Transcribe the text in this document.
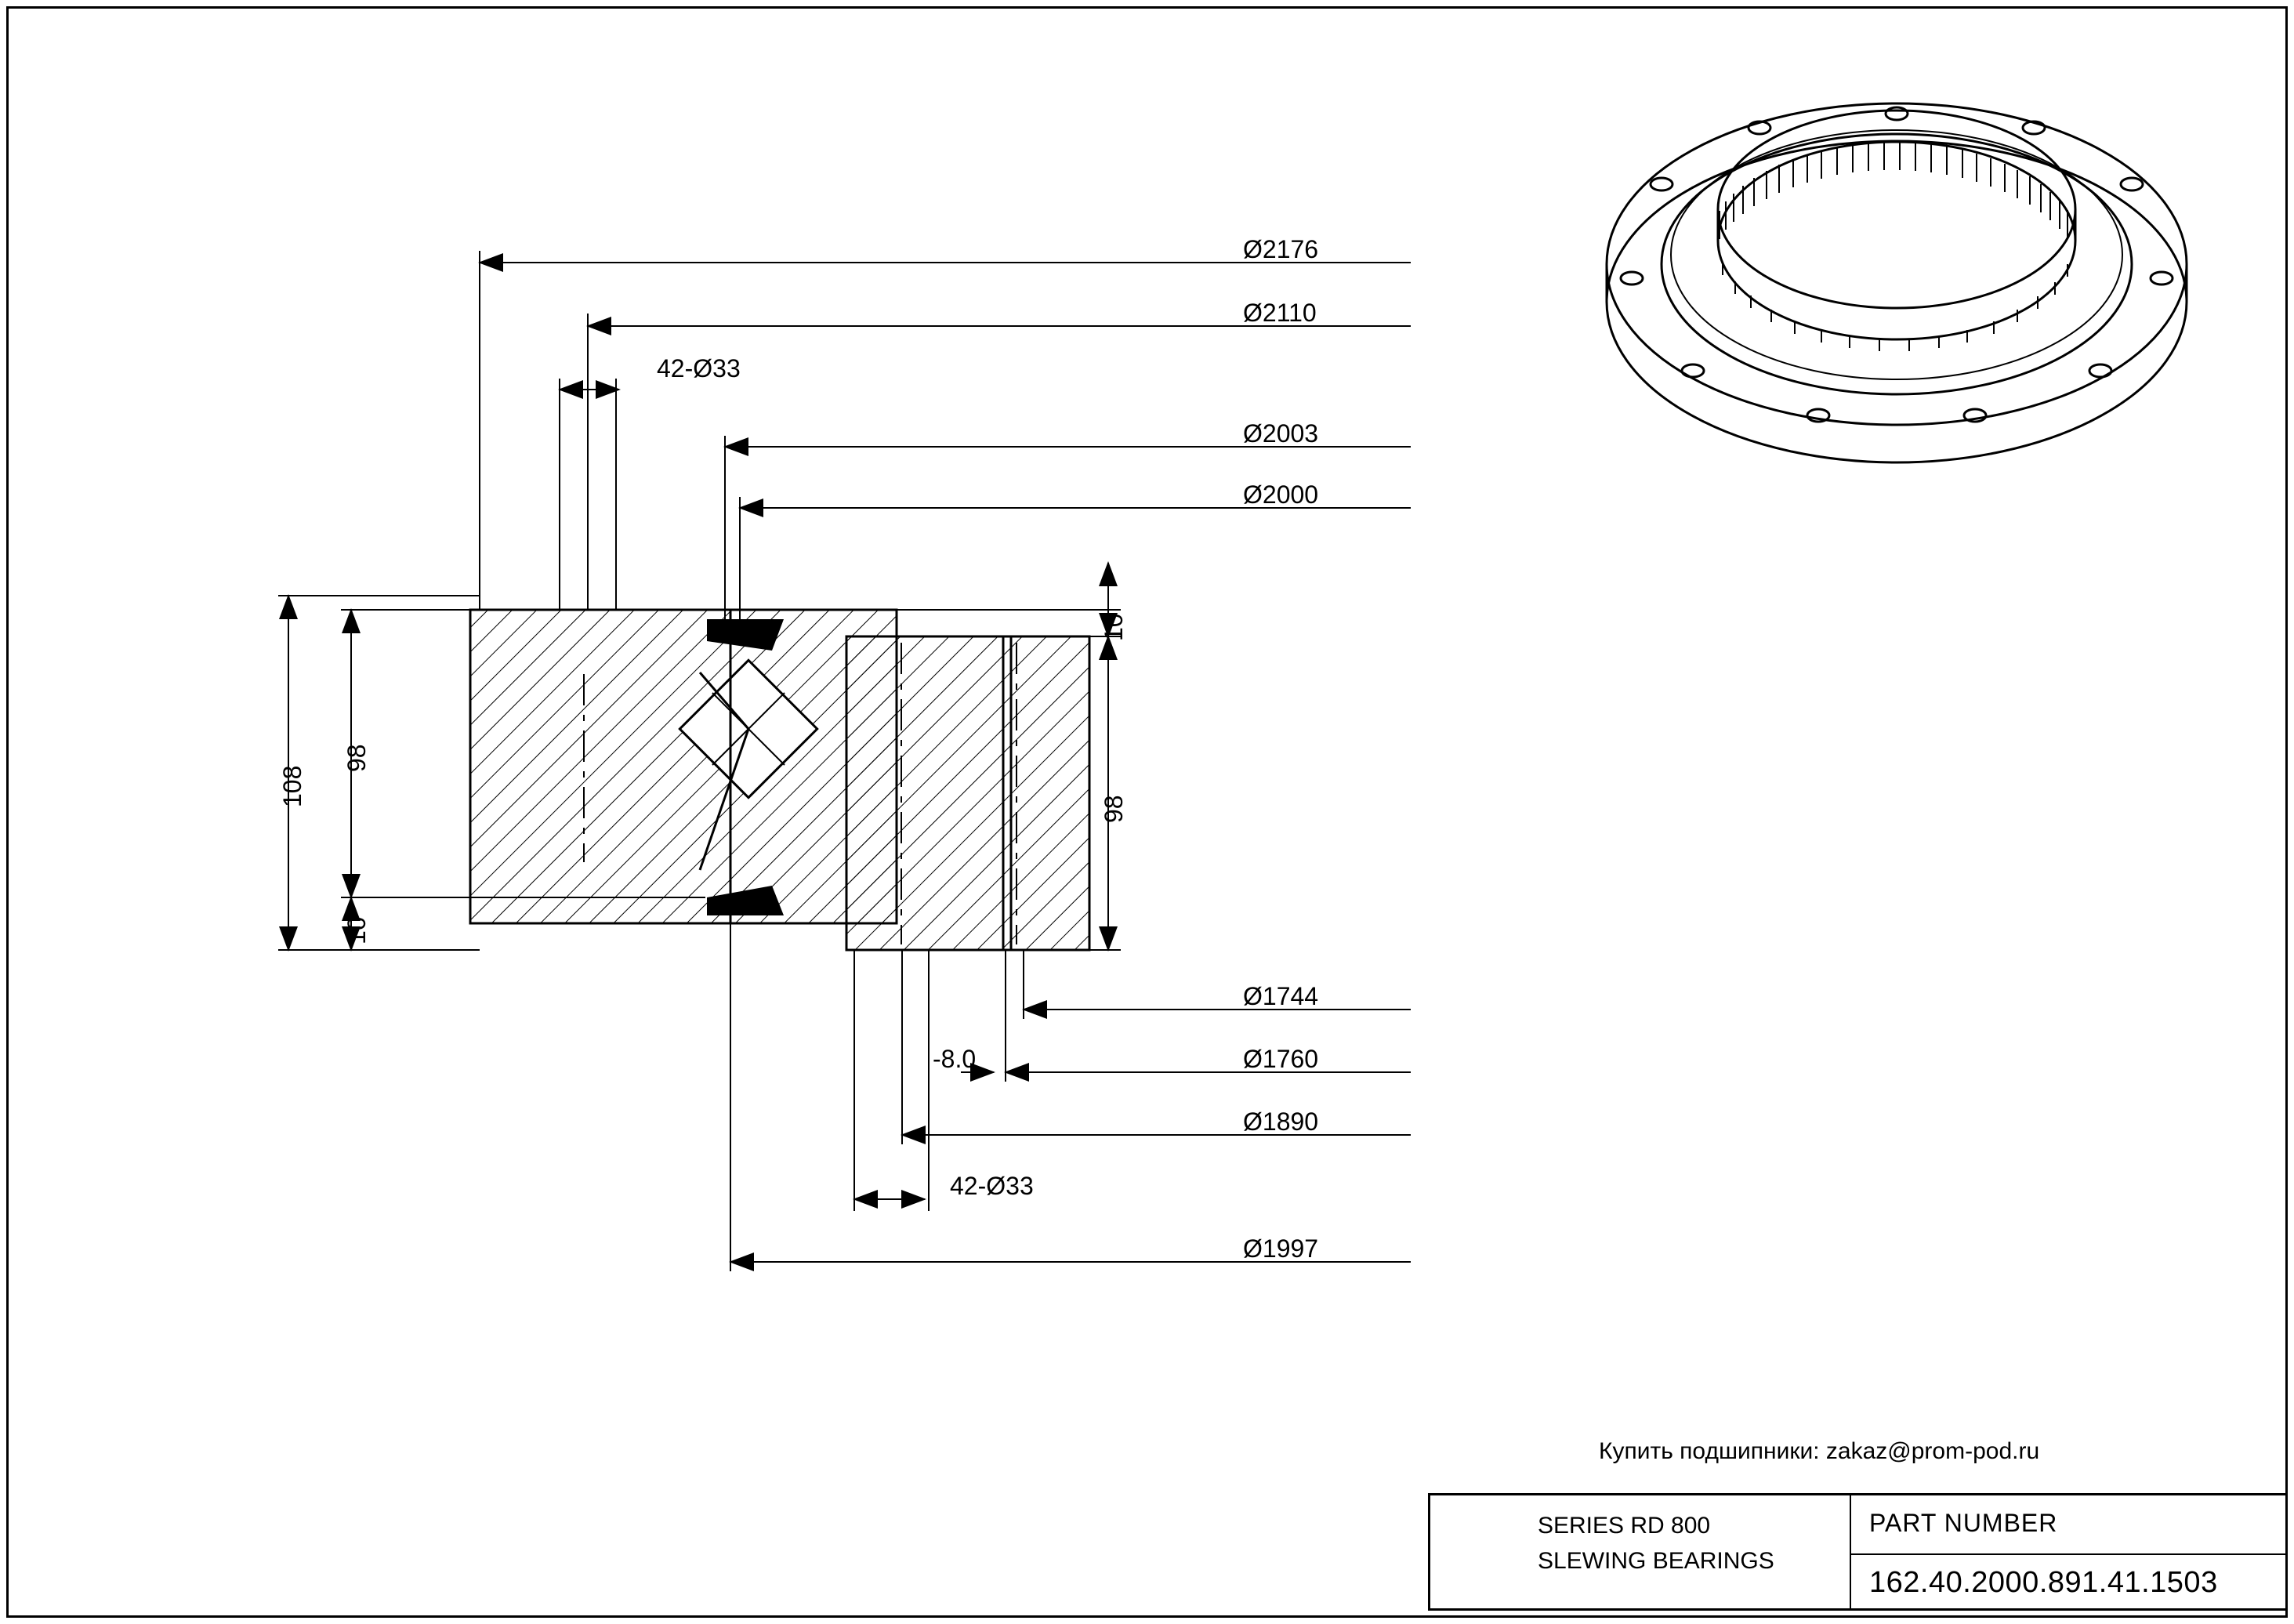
Ø2176
Ø2110
42-Ø33
Ø2003
Ø2000
Ø1744
Ø1760
Ø1890
42-Ø33
Ø1997
-8.0
108
98
10
98
10
Купить подшипники: zakaz@prom-pod.ru
SERIES RD 800
SLEWING BEARINGS
PART NUMBER
162.40.2000.891.41.1503
